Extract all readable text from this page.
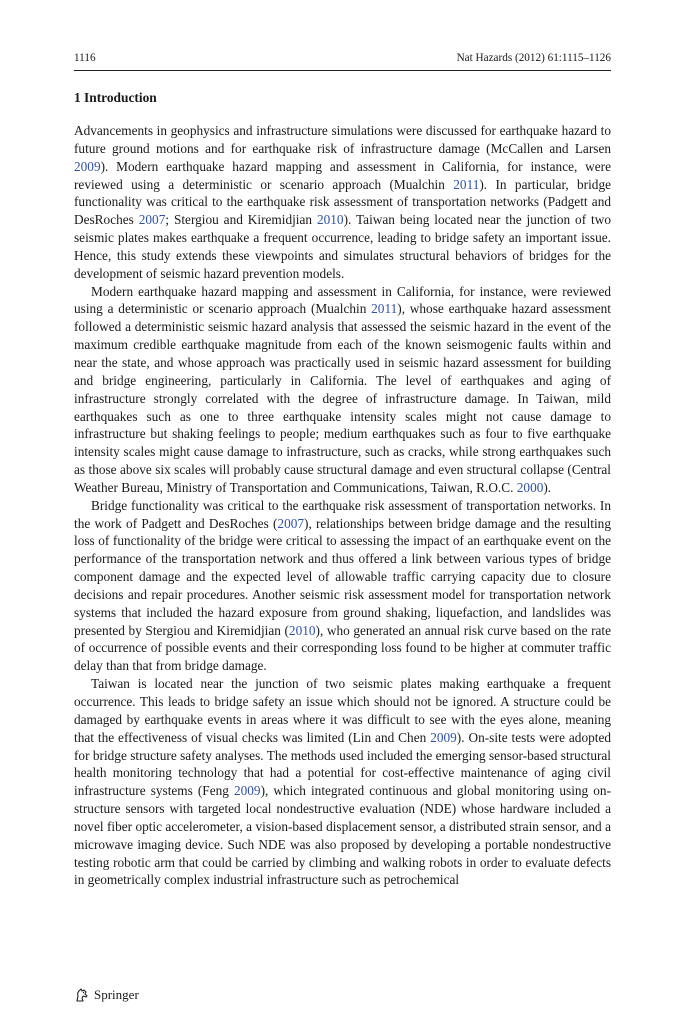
1116	Nat Hazards (2012) 61:1115–1126
1 Introduction

Advancements in geophysics and infrastructure simulations were discussed for earthquake hazard to future ground motions and for earthquake risk of infrastructure damage (McCallen and Larsen 2009). Modern earthquake hazard mapping and assessment in California, for instance, were reviewed using a deterministic or scenario approach (Mualchin 2011). In particular, bridge functionality was critical to the earthquake risk assessment of transportation networks (Padgett and DesRoches 2007; Stergiou and Kiremidjian 2010). Taiwan being located near the junction of two seismic plates makes earthquake a frequent occurrence, leading to bridge safety an important issue. Hence, this study extends these viewpoints and simulates structural behaviors of bridges for the development of seismic hazard prevention models.

Modern earthquake hazard mapping and assessment in California, for instance, were reviewed using a deterministic or scenario approach (Mualchin 2011), whose earthquake hazard assessment followed a deterministic seismic hazard analysis that assessed the seismic hazard in the event of the maximum credible earthquake magnitude from each of the known seismogenic faults within and near the state, and whose approach was practically used in seismic hazard assessment for building and bridge engineering, particularly in California. The level of earthquakes and aging of infrastructure strongly correlated with the degree of infrastructure damage. In Taiwan, mild earthquakes such as one to three earthquake intensity scales might not cause damage to infrastructure but shaking feelings to people; medium earthquakes such as four to five earthquake intensity scales might cause damage to infrastructure, such as cracks, while strong earthquakes such as those above six scales will probably cause structural damage and even structural collapse (Central Weather Bureau, Ministry of Transportation and Communications, Taiwan, R.O.C. 2000).

Bridge functionality was critical to the earthquake risk assessment of transportation networks. In the work of Padgett and DesRoches (2007), relationships between bridge damage and the resulting loss of functionality of the bridge were critical to assessing the impact of an earthquake event on the performance of the transportation network and thus offered a link between various types of bridge component damage and the expected level of allowable traffic carrying capacity due to closure decisions and repair procedures. Another seismic risk assessment model for transportation network systems that included the hazard exposure from ground shaking, liquefaction, and landslides was presented by Stergiou and Kiremidjian (2010), who generated an annual risk curve based on the rate of occurrence of possible events and their corresponding loss found to be higher at commuter traffic delay than that from bridge damage.

Taiwan is located near the junction of two seismic plates making earthquake a frequent occurrence. This leads to bridge safety an issue which should not be ignored. A structure could be damaged by earthquake events in areas where it was difficult to see with the eyes alone, meaning that the effectiveness of visual checks was limited (Lin and Chen 2009). On-site tests were adopted for bridge structure safety analyses. The methods used included the emerging sensor-based structural health monitoring technology that had a potential for cost-effective maintenance of aging civil infrastructure systems (Feng 2009), which integrated continuous and global monitoring using on-structure sensors with targeted local nondestructive evaluation (NDE) whose hardware included a novel fiber optic accelerometer, a vision-based displacement sensor, a distributed strain sensor, and a microwave imaging device. Such NDE was also proposed by developing a portable nondestructive testing robotic arm that could be carried by climbing and walking robots in order to evaluate defects in geometrically complex industrial infrastructure such as petrochemical

Springer
